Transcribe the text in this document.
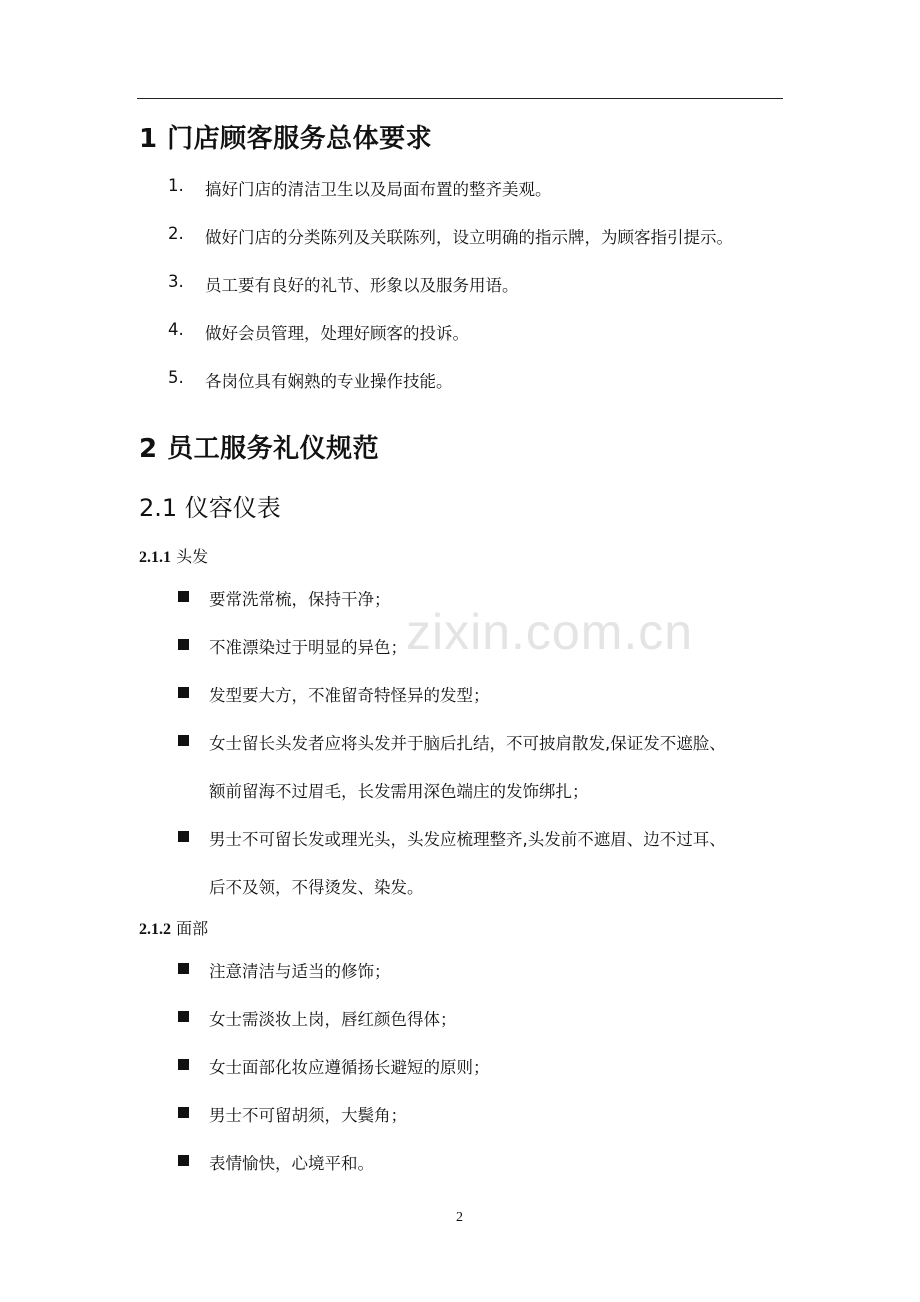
1 门店顾客服务总体要求
1. 搞好门店的清洁卫生以及局面布置的整齐美观。
2. 做好门店的分类陈列及关联陈列，设立明确的指示牌，为顾客指引提示。
3. 员工要有良好的礼节、形象以及服务用语。
4. 做好会员管理，处理好顾客的投诉。
5. 各岗位具有娴熟的专业操作技能。
2 员工服务礼仪规范
2.1 仪容仪表
2.1.1 头发
要常洗常梳，保持干净；
不准漂染过于明显的异色；
发型要大方，不准留奇特怪异的发型；
女士留长头发者应将头发并于脑后扎结，不可披肩散发,保证发不遮脸、
额前留海不过眉毛，长发需用深色端庄的发饰绑扎；
男士不可留长发或理光头，头发应梳理整齐,头发前不遮眉、边不过耳、
后不及领，不得烫发、染发。
2.1.2 面部
注意清洁与适当的修饰；
女士需淡妆上岗，唇红颜色得体；
女士面部化妆应遵循扬长避短的原则；
男士不可留胡须，大鬓角；
表情愉快，心境平和。
zixin.com.cn
2
